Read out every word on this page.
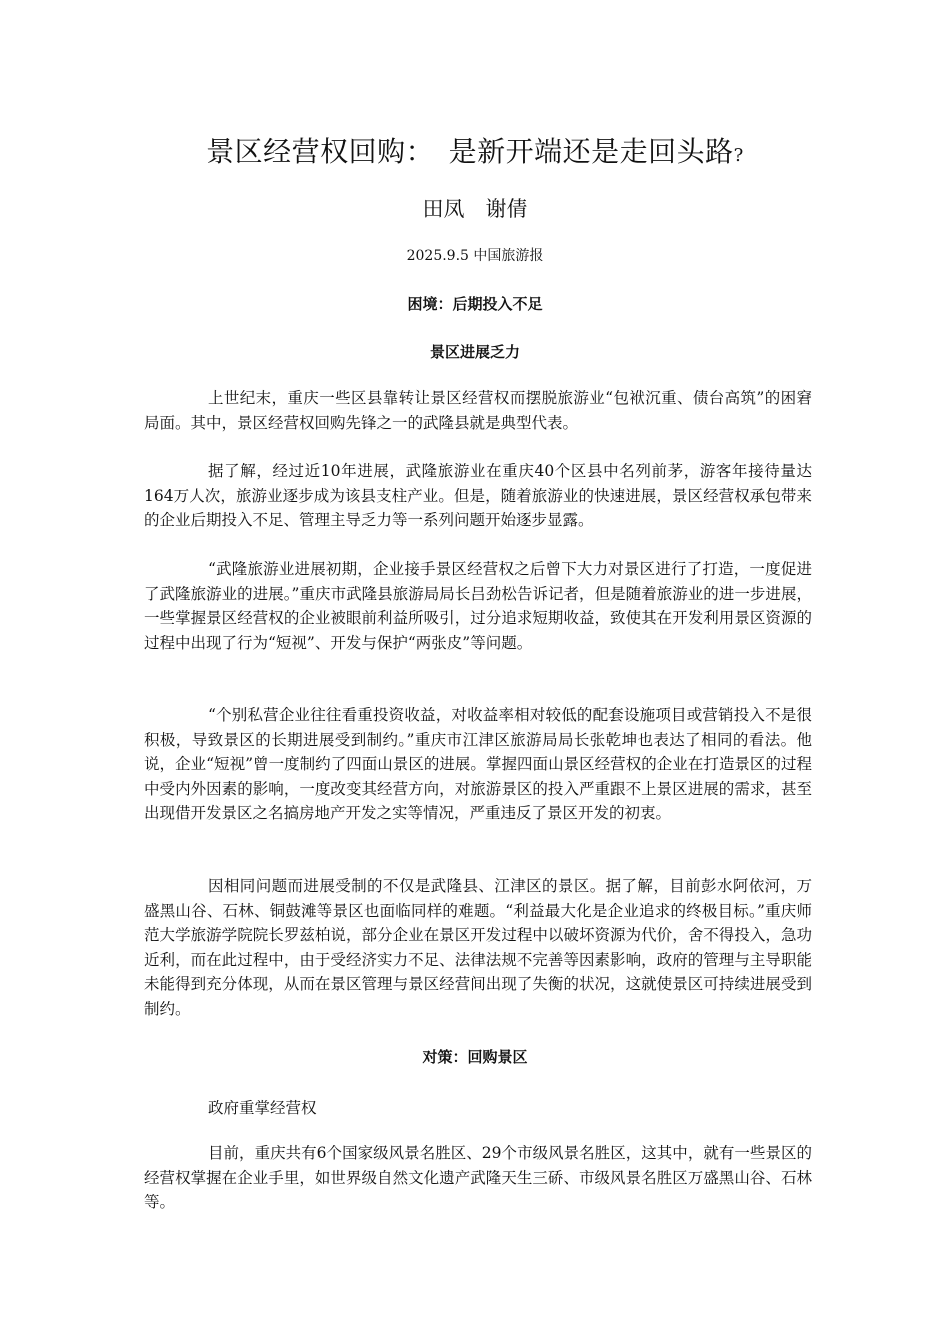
景区经营权回购：　是新开端还是走回头路?
田凤　谢倩
2025.9.5 中国旅游报
困境：后期投入不足
景区进展乏力

上世纪末，重庆一些区县靠转让景区经营权而摆脱旅游业“包袱沉重、债台高筑”的困窘局面。其中，景区经营权回购先锋之一的武隆县就是典型代表。

据了解，经过近10年进展，武隆旅游业在重庆40个区县中名列前茅，游客年接待量达164万人次，旅游业逐步成为该县支柱产业。但是，随着旅游业的快速进展，景区经营权承包带来的企业后期投入不足、管理主导乏力等一系列问题开始逐步显露。

“武隆旅游业进展初期，企业接手景区经营权之后曾下大力对景区进行了打造，一度促进了武隆旅游业的进展。”重庆市武隆县旅游局局长吕劲松告诉记者，但是随着旅游业的进一步进展，一些掌握景区经营权的企业被眼前利益所吸引，过分追求短期收益，致使其在开发利用景区资源的过程中出现了行为“短视”、开发与保护“两张皮”等问题。

“个别私营企业往往看重投资收益，对收益率相对较低的配套设施项目或营销投入不是很积极，导致景区的长期进展受到制约。”重庆市江津区旅游局局长张乾坤也表达了相同的看法。他说，企业“短视”曾一度制约了四面山景区的进展。掌握四面山景区经营权的企业在打造景区的过程中受内外因素的影响，一度改变其经营方向，对旅游景区的投入严重跟不上景区进展的需求，甚至出现借开发景区之名搞房地产开发之实等情况，严重违反了景区开发的初衷。

因相同问题而进展受制的不仅是武隆县、江津区的景区。据了解，目前彭水阿依河，万盛黑山谷、石林、铜鼓滩等景区也面临同样的难题。“利益最大化是企业追求的终极目标。”重庆师范大学旅游学院院长罗兹柏说，部分企业在景区开发过程中以破坏资源为代价，舍不得投入，急功近利，而在此过程中，由于受经济实力不足、法律法规不完善等因素影响，政府的管理与主导职能未能得到充分体现，从而在景区管理与景区经营间出现了失衡的状况，这就使景区可持续进展受到制约。

对策：回购景区
政府重掌经营权

目前，重庆共有6个国家级风景名胜区、29个市级风景名胜区，这其中，就有一些景区的经营权掌握在企业手里，如世界级自然文化遗产武隆天生三硚、市级风景名胜区万盛黑山谷、石林等。
